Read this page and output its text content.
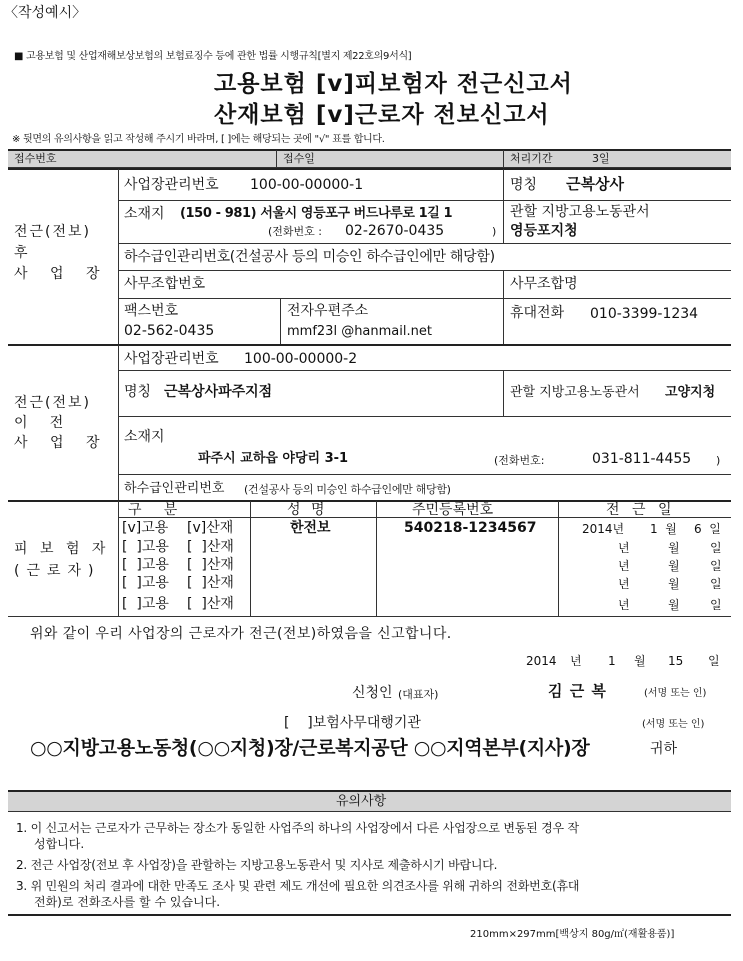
〈작성예시〉
■ 고용보험 및 산업재해보상보험의 보험료징수 등에 관한 법률 시행규칙[별지 제22호의9서식]
고용보험 [v]피보험자 전근신고서
산재보험 [v]근로자 전보신고서
※ 뒷면의 유의사항을 읽고 작성해 주시기 바라며, [ ]에는 해당되는 곳에 "√" 표를 합니다.
접수번호	접수일	처리기간	3일
전근(전보)
후
사 업 장
사업장관리번호 100-00-00000-1	명칭 근복상사
소재지 (150 - 981) 서울시 영등포구 버드나루로 1길 1
(전화번호 : 02-2670-0435	)
관할 지방고용노동관서
영등포지청
하수급인관리번호(건설공사 등의 미승인 하수급인에만 해당함)
사무조합번호	사무조합명
팩스번호
02-562-0435
전자우편주소
mmf23l @hanmail.net
휴대전화 010-3399-1234
전근(전보)
이     전
사 업 장
사업장관리번호 100-00-00000-2
명칭 근복상사파주지점	관할 지방고용노동관서 고양지청
소재지
파주시 교하읍 야당리 3-1	(전화번호:	031-811-4455 )
하수급인관리번호 (건설공사 등의 미승인 하수급인에만 해당함)
피 보 험 자
(근로자)
구     분	성 명	주민등록번호	전 근 일
[v]고용 [v]산재	한전보	540218-1234567	2014년 1  월 6  일
[  ]고용 [  ]산재	년	월	일
[  ]고용 [  ]산재	년	월	일
[  ]고용 [  ]산재	년	월	일
[  ]고용 [  ]산재	년	월	일
위와 같이 우리 사업장의 근로자가 전근(전보)하였음을 신고합니다.
2014 년 1 월 15 일
신청인 (대표자)	김 근 복	(서명 또는 인)
[    ]보험사무대행기관	(서명 또는 인)
○○지방고용노동청(○○지청)장/근로복지공단 ○○지역본부(지사)장	귀하
유의사항
1. 이 신고서는 근로자가 근무하는 장소가 동일한 사업주의 하나의 사업장에서 다른 사업장으로 변동된 경우 작
성합니다.
2. 전근 사업장(전보 후 사업장)을 관할하는 지방고용노동관서 및 지사로 제출하시기 바랍니다.
3. 위 민원의 처리 결과에 대한 만족도 조사 및 관련 제도 개선에 필요한 의견조사를 위해 귀하의 전화번호(휴대
전화)로 전화조사를 할 수 있습니다.
210mm×297mm[백상지 80g/㎡(재활용품)]
